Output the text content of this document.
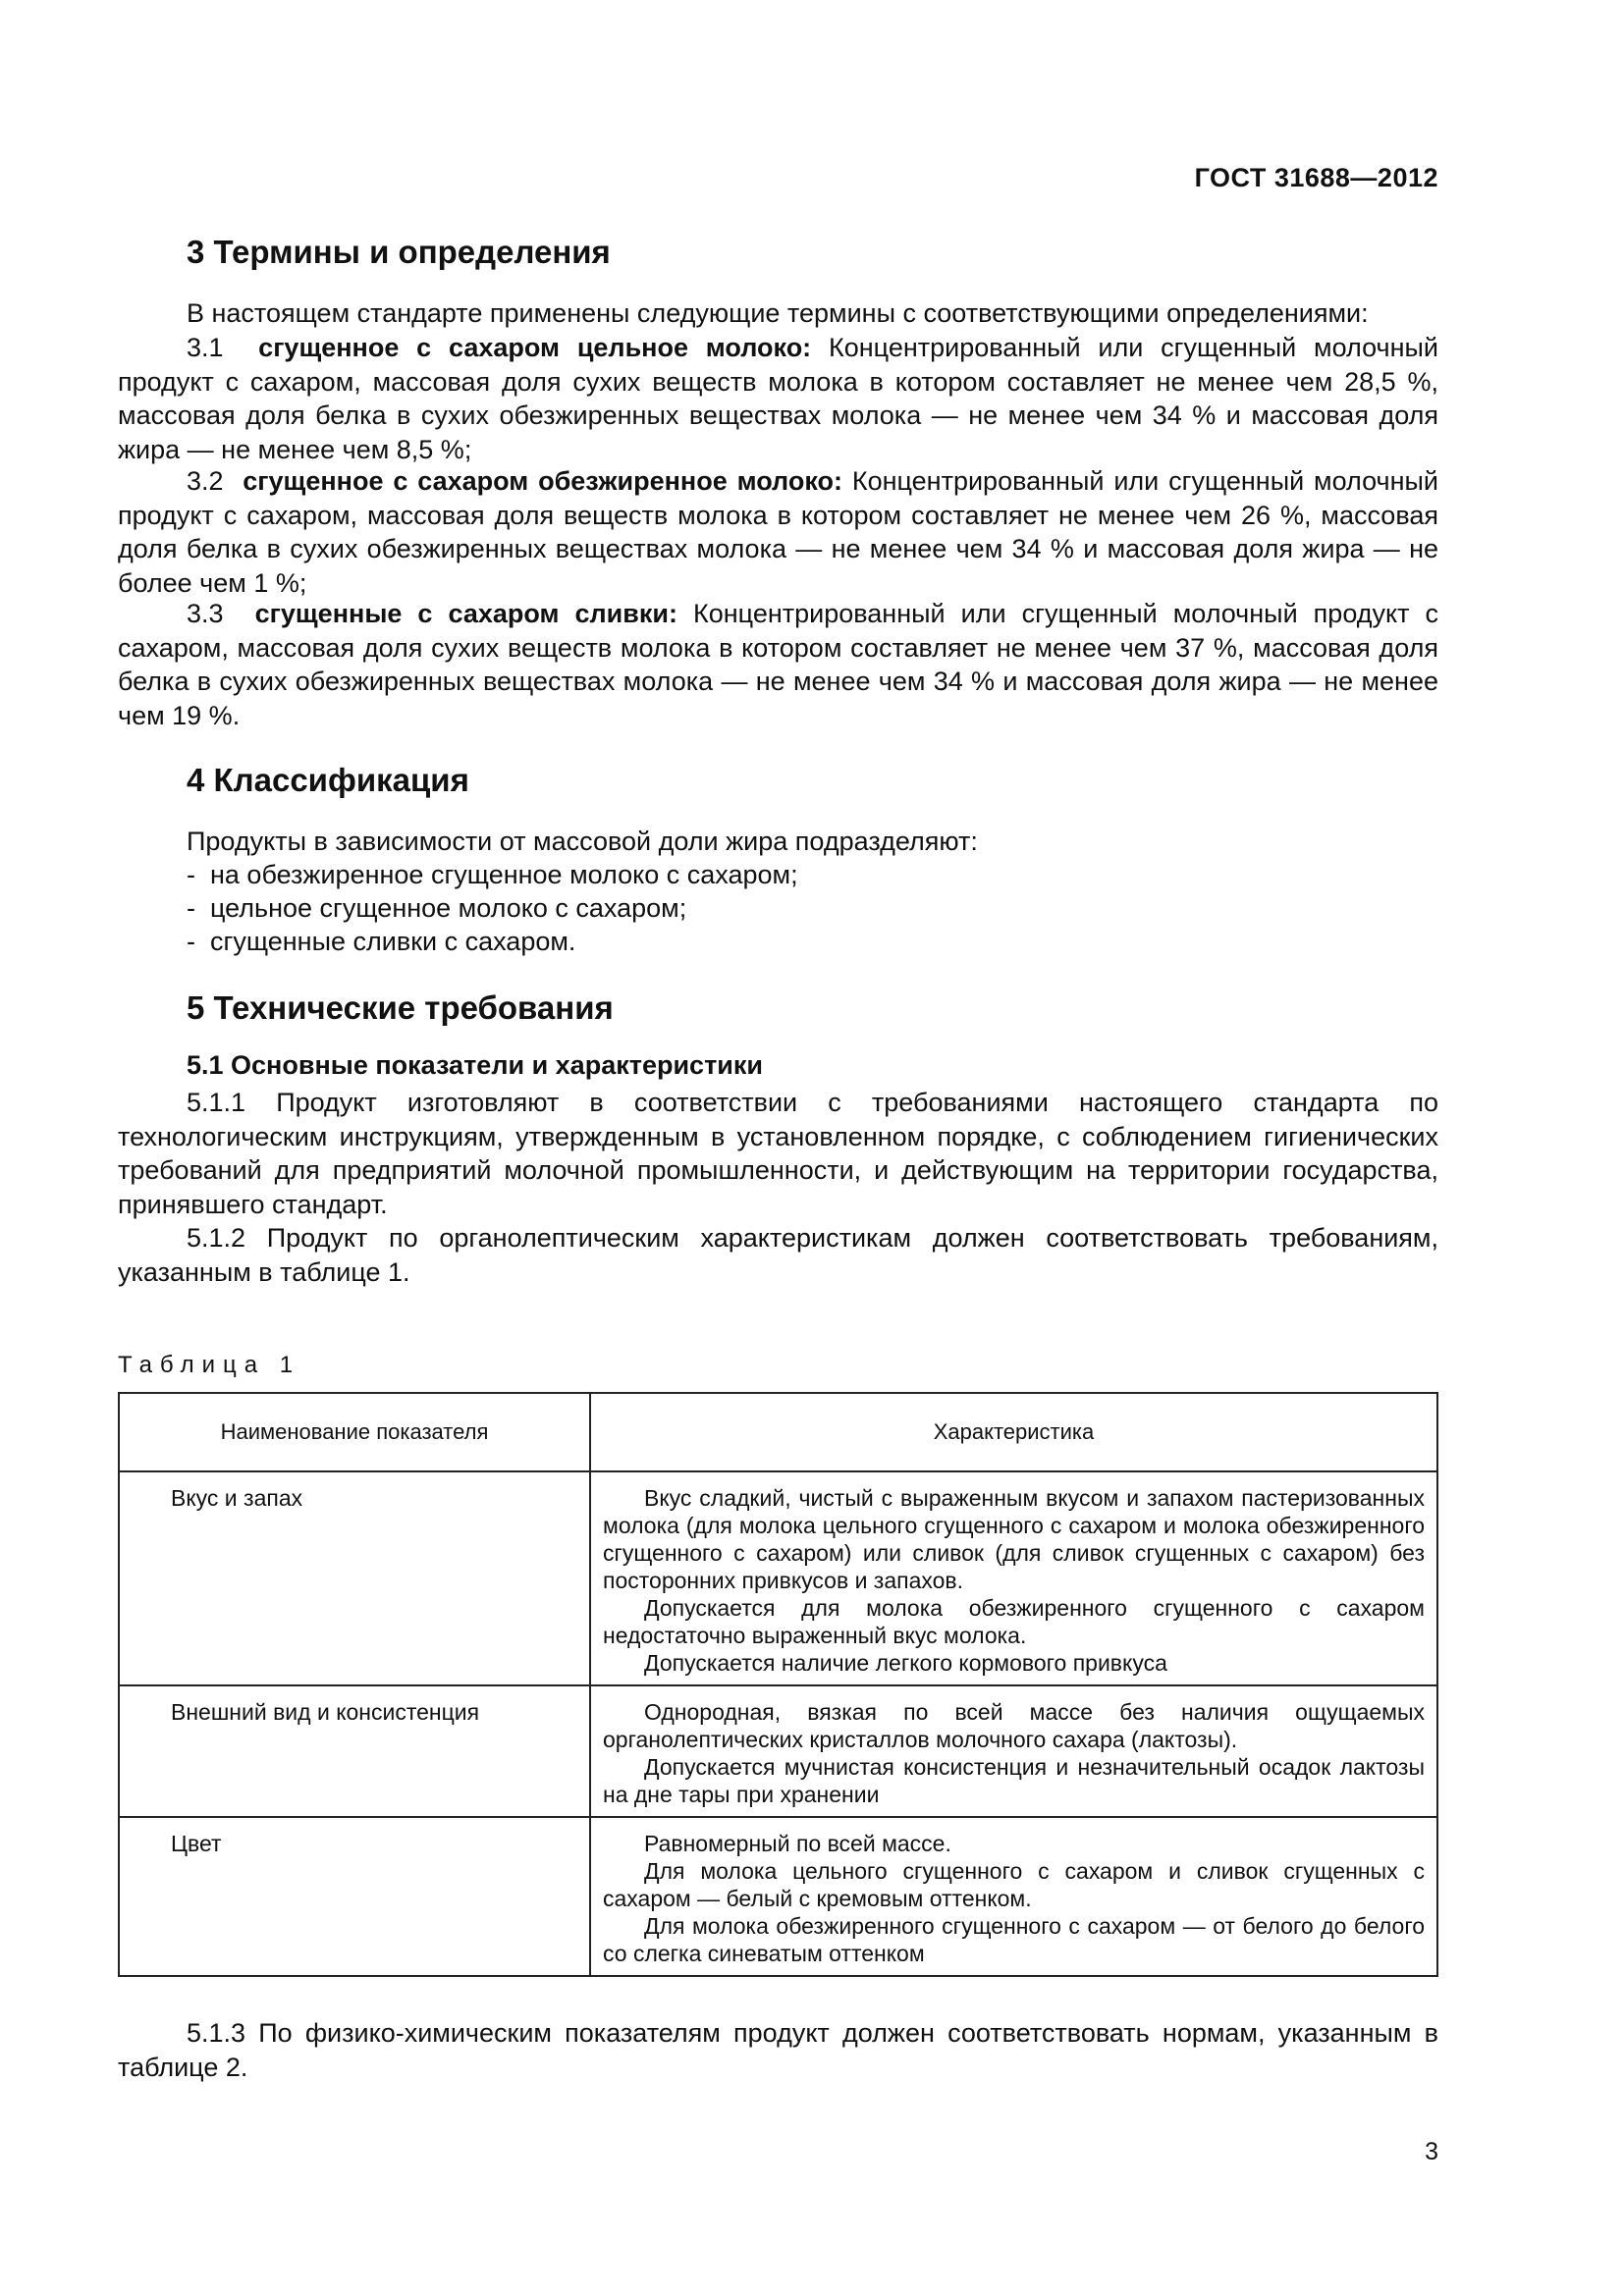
ГОСТ 31688—2012
3 Термины и определения

В настоящем стандарте применены следующие термины с соответствующими определениями:

3.1 сгущенное с сахаром цельное молоко: Концентрированный или сгущенный молочный продукт с сахаром, массовая доля сухих веществ молока в котором составляет не менее чем 28,5 %, массовая доля белка в сухих обезжиренных веществах молока — не менее чем 34 % и массовая доля жира — не менее чем 8,5 %;

3.2 сгущенное с сахаром обезжиренное молоко: Концентрированный или сгущенный молочный продукт с сахаром, массовая доля веществ молока в котором составляет не менее чем 26 %, массовая доля белка в сухих обезжиренных веществах молока — не менее чем 34 % и массовая доля жира — не более чем 1 %;

3.3 сгущенные с сахаром сливки: Концентрированный или сгущенный молочный продукт с сахаром, массовая доля сухих веществ молока в котором составляет не менее чем 37 %, массовая доля белка в сухих обезжиренных веществах молока — не менее чем 34 % и массовая доля жира — не менее чем 19 %.

4 Классификация

Продукты в зависимости от массовой доли жира подразделяют:

-  на обезжиренное сгущенное молоко с сахаром;
-  цельное сгущенное молоко с сахаром;
-  сгущенные сливки с сахаром.
5 Технические требования
5.1 Основные показатели и характеристики

5.1.1 Продукт изготовляют в соответствии с требованиями настоящего стандарта по технологическим инструкциям, утвержденным в установленном порядке, с соблюдением гигиенических требований для предприятий молочной промышленности, и действующим на территории государства, принявшего стандарт.

5.1.2 Продукт по органолептическим характеристикам должен соответствовать требованиям, указанным в таблице 1.

Таблица 1
Наименование показателя	Характеристика
Вкус и запах	Вкус сладкий, чистый с выраженным вкусом и запахом пастеризованных молока (для молока цельного сгущенного с сахаром и молока обезжиренного сгущенного с сахаром) или сливок (для сливок сгущенных с сахаром) без посторонних привкусов и запахов.

Допускается для молока обезжиренного сгущенного с сахаром недостаточно выраженный вкус молока.

Допускается наличие легкого кормового привкуса

Внешний вид и консистенция	Однородная, вязкая по всей массе без наличия ощущаемых органолептических кристаллов молочного сахара (лактозы).

Допускается мучнистая консистенция и незначительный осадок лактозы на дне тары при хранении

Цвет	Равномерный по всей массе.

Для молока цельного сгущенного с сахаром и сливок сгущенных с сахаром — белый с кремовым оттенком.

Для молока обезжиренного сгущенного с сахаром — от белого до белого со слегка синеватым оттенком

5.1.3 По физико-химическим показателям продукт должен соответствовать нормам, указанным в таблице 2.

3
